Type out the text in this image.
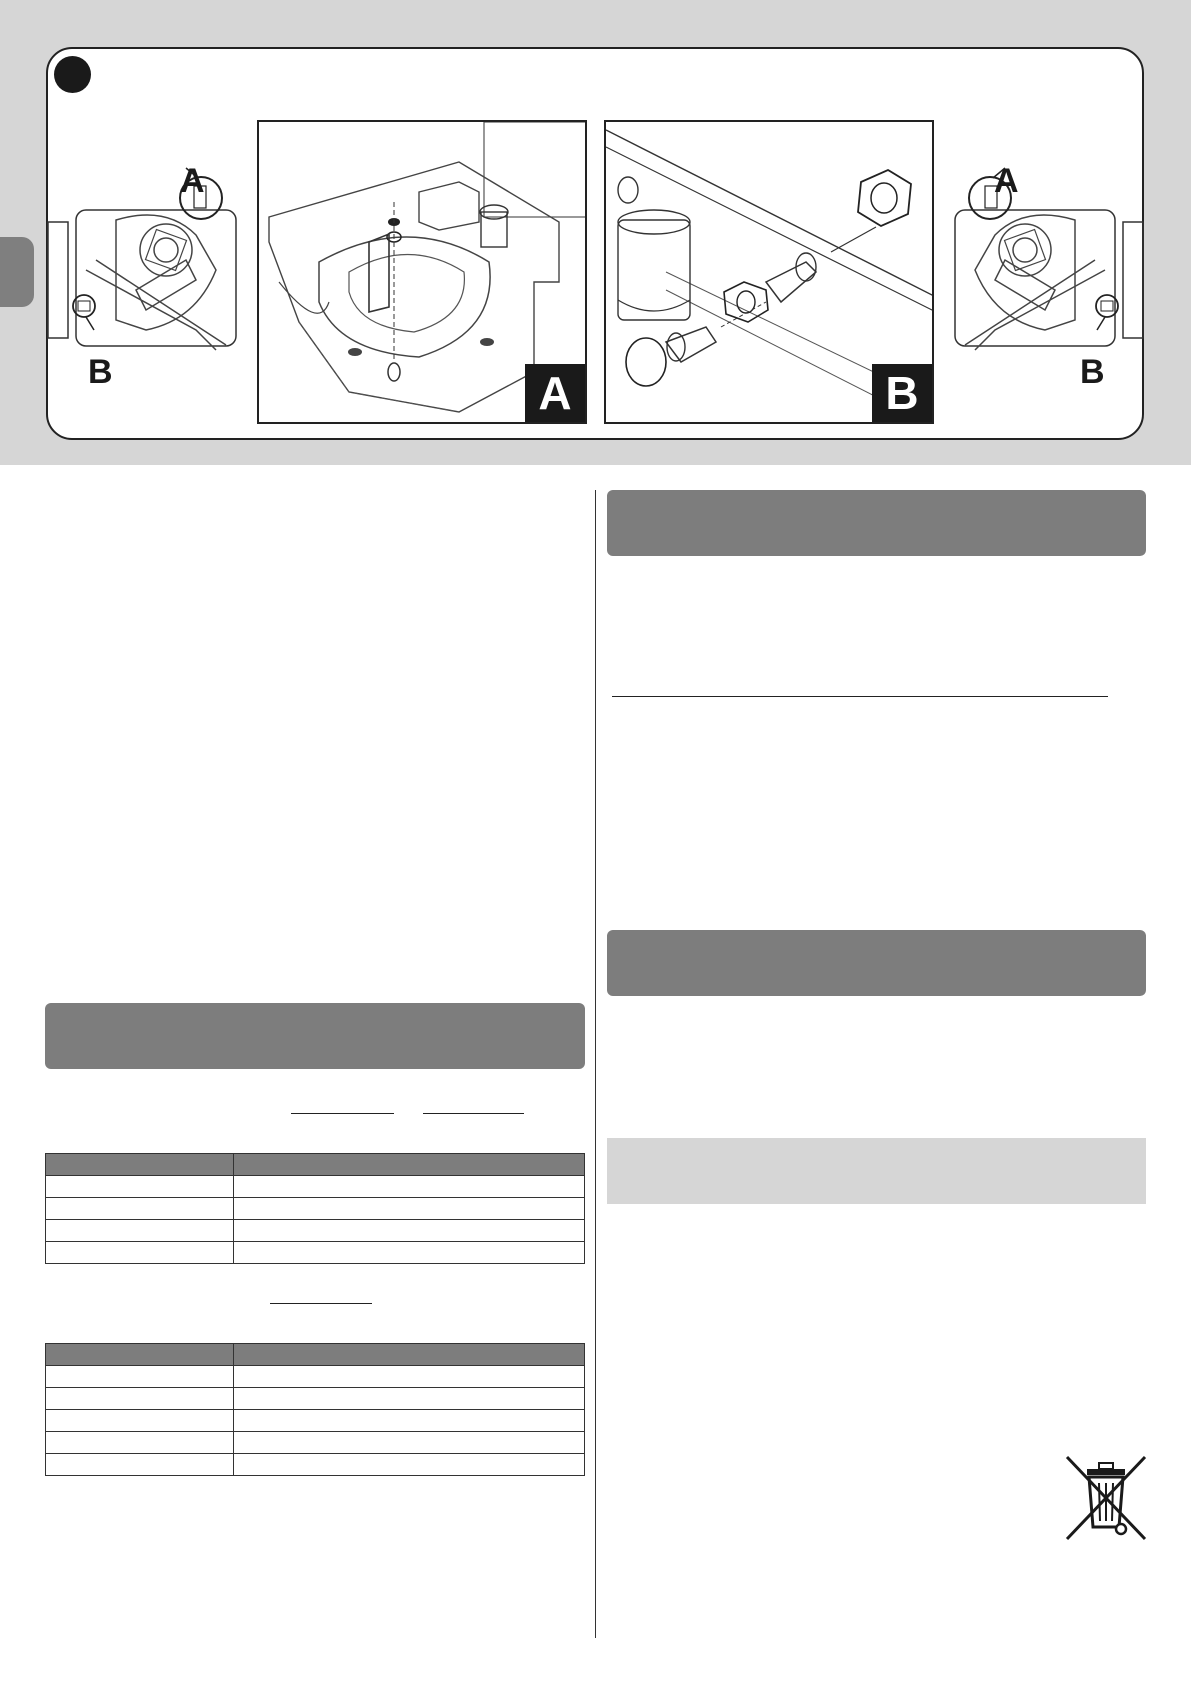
A
B	A	B
A
B
